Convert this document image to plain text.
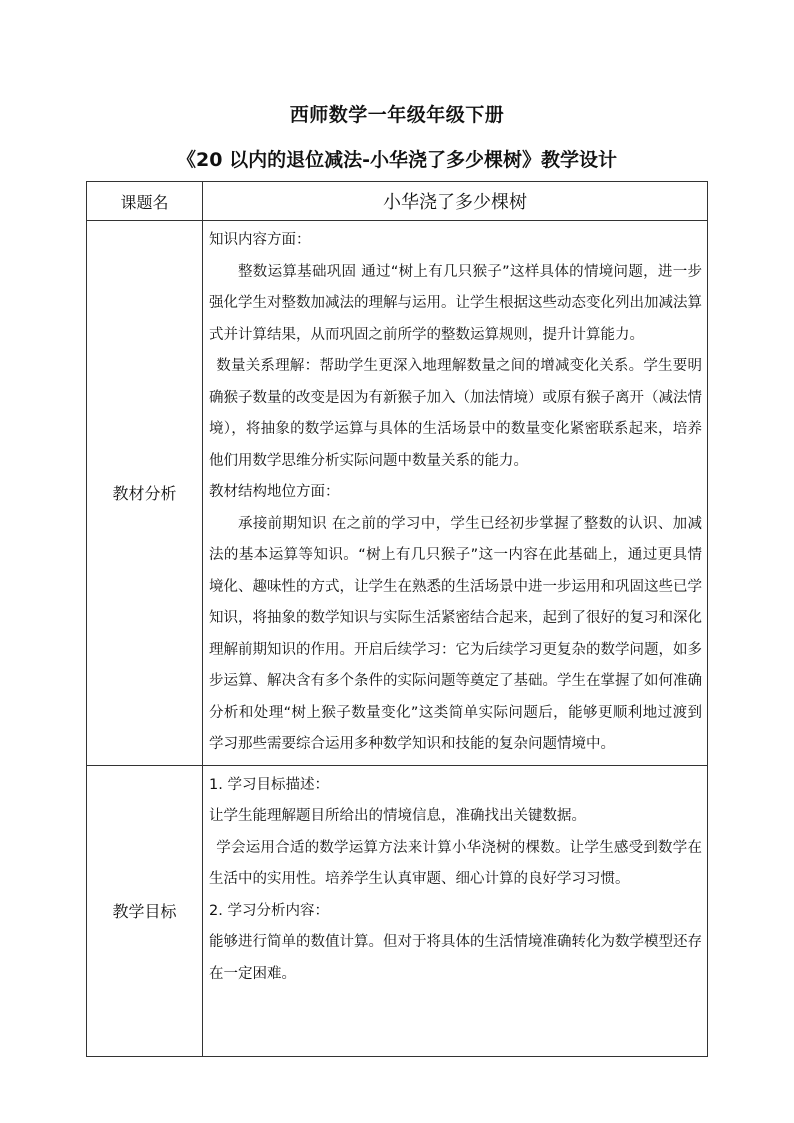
西师数学一年级年级下册
《20 以内的退位减法-小华浇了多少棵树》教学设计
课题名	小华浇了多少棵树
教材分析	知识内容方面：

整数运算基础巩固 通过“树上有几只猴子”这样具体的情境问题，进一步强化学生对整数加减法的理解与运用。让学生根据这些动态变化列出加减法算式并计算结果，从而巩固之前所学的整数运算规则，提升计算能力。

数量关系理解：帮助学生更深入地理解数量之间的增减变化关系。学生要明确猴子数量的改变是因为有新猴子加入（加法情境）或原有猴子离开（减法情境），将抽象的数学运算与具体的生活场景中的数量变化紧密联系起来，培养他们用数学思维分析实际问题中数量关系的能力。

教材结构地位方面：

承接前期知识 在之前的学习中，学生已经初步掌握了整数的认识、加减法的基本运算等知识。“树上有几只猴子”这一内容在此基础上，通过更具情境化、趣味性的方式，让学生在熟悉的生活场景中进一步运用和巩固这些已学知识，将抽象的数学知识与实际生活紧密结合起来，起到了很好的复习和深化理解前期知识的作用。开启后续学习：它为后续学习更复杂的数学问题，如多步运算、解决含有多个条件的实际问题等奠定了基础。学生在掌握了如何准确分析和处理“树上猴子数量变化”这类简单实际问题后，能够更顺利地过渡到学习那些需要综合运用多种数学知识和技能的复杂问题情境中。

教学目标	1. 学习目标描述：

让学生能理解题目所给出的情境信息，准确找出关键数据。

学会运用合适的数学运算方法来计算小华浇树的棵数。让学生感受到数学在生活中的实用性。培养学生认真审题、细心计算的良好学习习惯。

2. 学习分析内容：

能够进行简单的数值计算。但对于将具体的生活情境准确转化为数学模型还存在一定困难。
